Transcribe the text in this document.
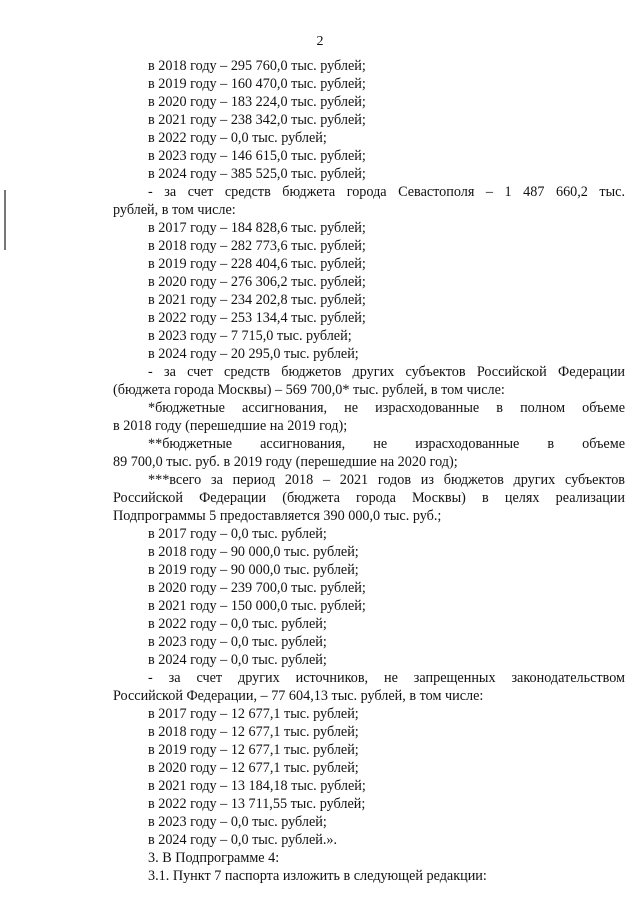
2
в 2018 году – 295 760,0 тыс. рублей;
в 2019 году – 160 470,0 тыс. рублей;
в 2020 году – 183 224,0 тыс. рублей;
в 2021 году – 238 342,0 тыс. рублей;
в 2022 году – 0,0 тыс. рублей;
в 2023 году – 146 615,0 тыс. рублей;
в 2024 году – 385 525,0 тыс. рублей;
- за счет средств бюджета города Севастополя – 1 487 660,2 тыс.
рублей, в том числе:
в 2017 году – 184 828,6 тыс. рублей;
в 2018 году – 282 773,6 тыс. рублей;
в 2019 году – 228 404,6 тыс. рублей;
в 2020 году – 276 306,2 тыс. рублей;
в 2021 году – 234 202,8 тыс. рублей;
в 2022 году – 253 134,4 тыс. рублей;
в 2023 году – 7 715,0 тыс. рублей;
в 2024 году – 20 295,0 тыс. рублей;
- за счет средств бюджетов других субъектов Российской Федерации
(бюджета города Москвы) – 569 700,0* тыс. рублей, в том числе:
*бюджетные ассигнования, не израсходованные в полном объеме
в 2018 году (перешедшие на 2019 год);
**бюджетные ассигнования, не израсходованные в объеме
89 700,0 тыс. руб. в 2019 году (перешедшие на 2020 год);
***всего за период 2018 – 2021 годов из бюджетов других субъектов
Российской Федерации (бюджета города Москвы) в целях реализации
Подпрограммы 5 предоставляется 390 000,0 тыс. руб.;
в 2017 году – 0,0 тыс. рублей;
в 2018 году – 90 000,0 тыс. рублей;
в 2019 году – 90 000,0 тыс. рублей;
в 2020 году – 239 700,0 тыс. рублей;
в 2021 году – 150 000,0 тыс. рублей;
в 2022 году – 0,0 тыс. рублей;
в 2023 году – 0,0 тыс. рублей;
в 2024 году – 0,0 тыс. рублей;
- за счет других источников, не запрещенных законодательством
Российской Федерации, – 77 604,13 тыс. рублей, в том числе:
в 2017 году – 12 677,1 тыс. рублей;
в 2018 году – 12 677,1 тыс. рублей;
в 2019 году – 12 677,1 тыс. рублей;
в 2020 году – 12 677,1 тыс. рублей;
в 2021 году – 13 184,18 тыс. рублей;
в 2022 году – 13 711,55 тыс. рублей;
в 2023 году – 0,0 тыс. рублей;
в 2024 году – 0,0 тыс. рублей.».
3. В Подпрограмме 4:
3.1. Пункт 7 паспорта изложить в следующей редакции:
